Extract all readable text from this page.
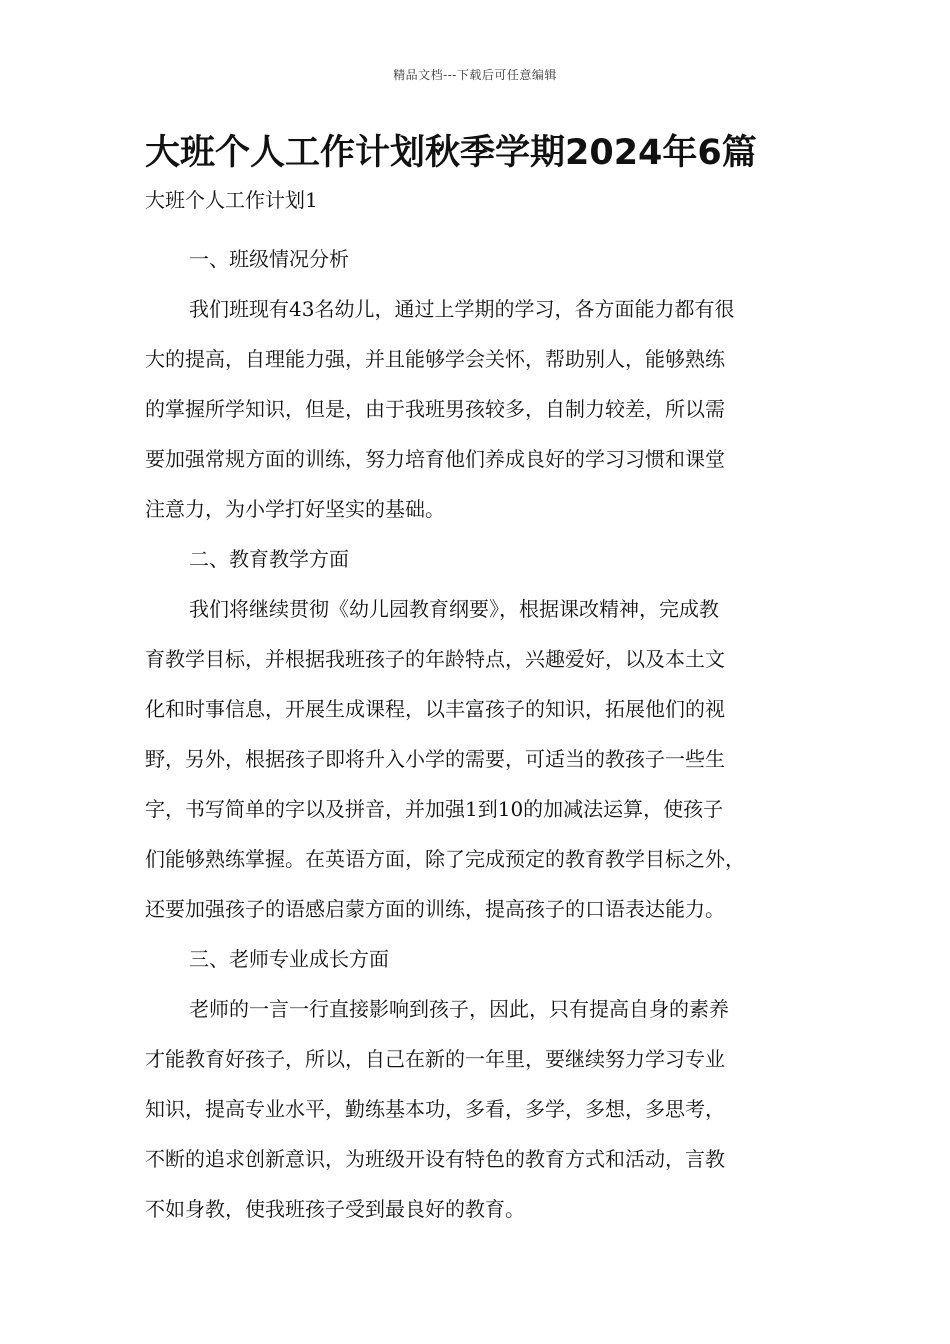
精品文档---下载后可任意编辑
大班个人工作计划秋季学期2024年6篇
大班个人工作计划1
一、班级情况分析
我们班现有43名幼儿，通过上学期的学习，各方面能力都有很
大的提高，自理能力强，并且能够学会关怀，帮助别人，能够熟练
的掌握所学知识，但是，由于我班男孩较多，自制力较差，所以需
要加强常规方面的训练，努力培育他们养成良好的学习习惯和课堂
注意力，为小学打好坚实的基础。
二、教育教学方面
我们将继续贯彻《幼儿园教育纲要》，根据课改精神，完成教
育教学目标，并根据我班孩子的年龄特点，兴趣爱好，以及本土文
化和时事信息，开展生成课程，以丰富孩子的知识，拓展他们的视
野，另外，根据孩子即将升入小学的需要，可适当的教孩子一些生
字，书写简单的字以及拼音，并加强1到10的加减法运算，使孩子
们能够熟练掌握。在英语方面，除了完成预定的教育教学目标之外，
还要加强孩子的语感启蒙方面的训练，提高孩子的口语表达能力。
三、老师专业成长方面
老师的一言一行直接影响到孩子，因此，只有提高自身的素养
才能教育好孩子，所以，自己在新的一年里，要继续努力学习专业
知识，提高专业水平，勤练基本功，多看，多学，多想，多思考，
不断的追求创新意识，为班级开设有特色的教育方式和活动，言教
不如身教，使我班孩子受到最良好的教育。
